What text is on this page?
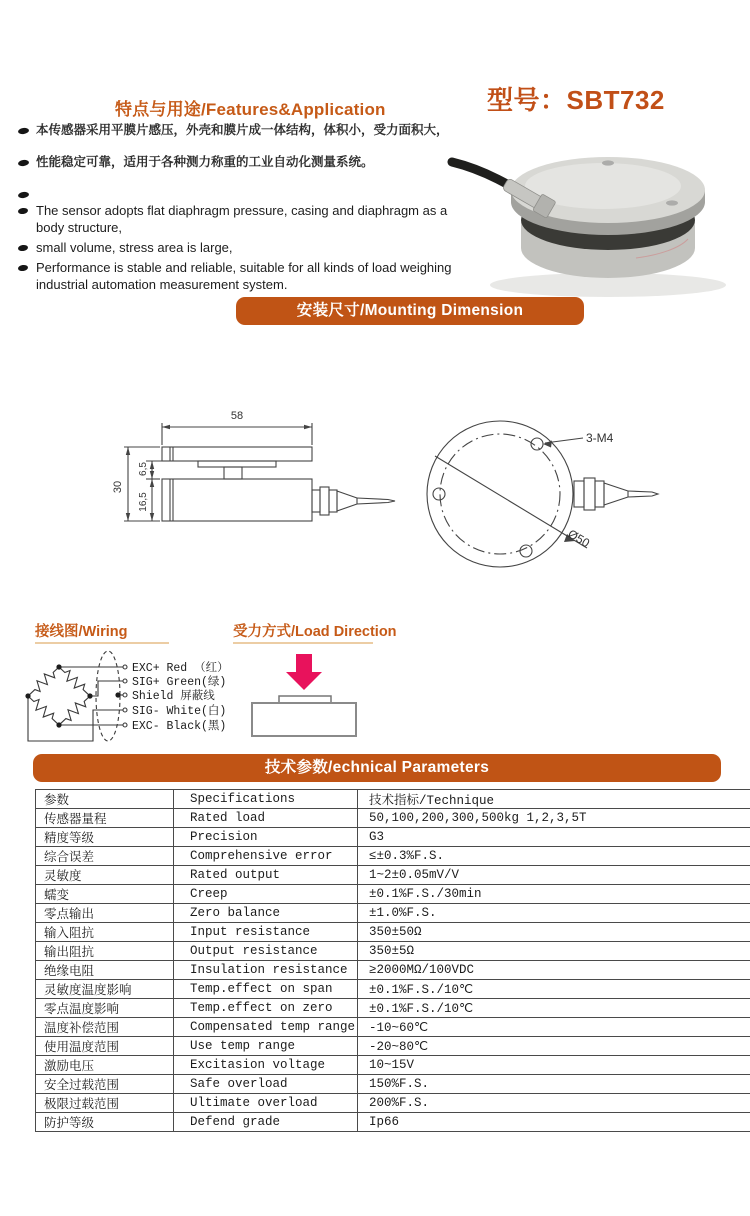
特点与用途/Features&Application	型号：SBT732
本传感器采用平膜片感压，外壳和膜片成一体结构，体积小，受力面积大，
性能稳定可靠，适用于各种测力称重的工业自动化测量系统。
The sensor adopts flat diaphragm pressure, casing and diaphragm as a body structure,
small volume, stress area is large,
Performance is stable and reliable, suitable for all kinds of load weighing industrial automation measurement system.
安装尺寸/Mounting Dimension
58
30
16,5
6,5
3-M4
Ø50
接线图/Wiring
EXC+ Red （红）
SIG+ Green(绿)
Shield 屏蔽线
SIG- White(白)
EXC- Black(黑)
受力方式/Load Direction
技术参数/echnical Parameters
参数	Specifications	技术指标/Technique
传感器量程	Rated load	50,100,200,300,500kg 1,2,3,5T
精度等级	Precision	G3
综合误差	Comprehensive error	≤±0.3%F.S.
灵敏度	Rated output	1~2±0.05mV/V
蠕变	Creep	±0.1%F.S./30min
零点输出	Zero balance	±1.0%F.S.
输入阻抗	Input resistance	350±50Ω
输出阻抗	Output resistance	350±5Ω
绝缘电阻	Insulation resistance	≥2000MΩ/100VDC
灵敏度温度影响	Temp.effect on span	±0.1%F.S./10℃
零点温度影响	Temp.effect on zero	±0.1%F.S./10℃
温度补偿范围	Compensated temp range	-10~60℃
使用温度范围	Use temp range	-20~80℃
激励电压	Excitasion voltage	10~15V
安全过载范围	Safe overload	150%F.S.
极限过载范围	Ultimate overload	200%F.S.
防护等级	Defend grade	Ip66
